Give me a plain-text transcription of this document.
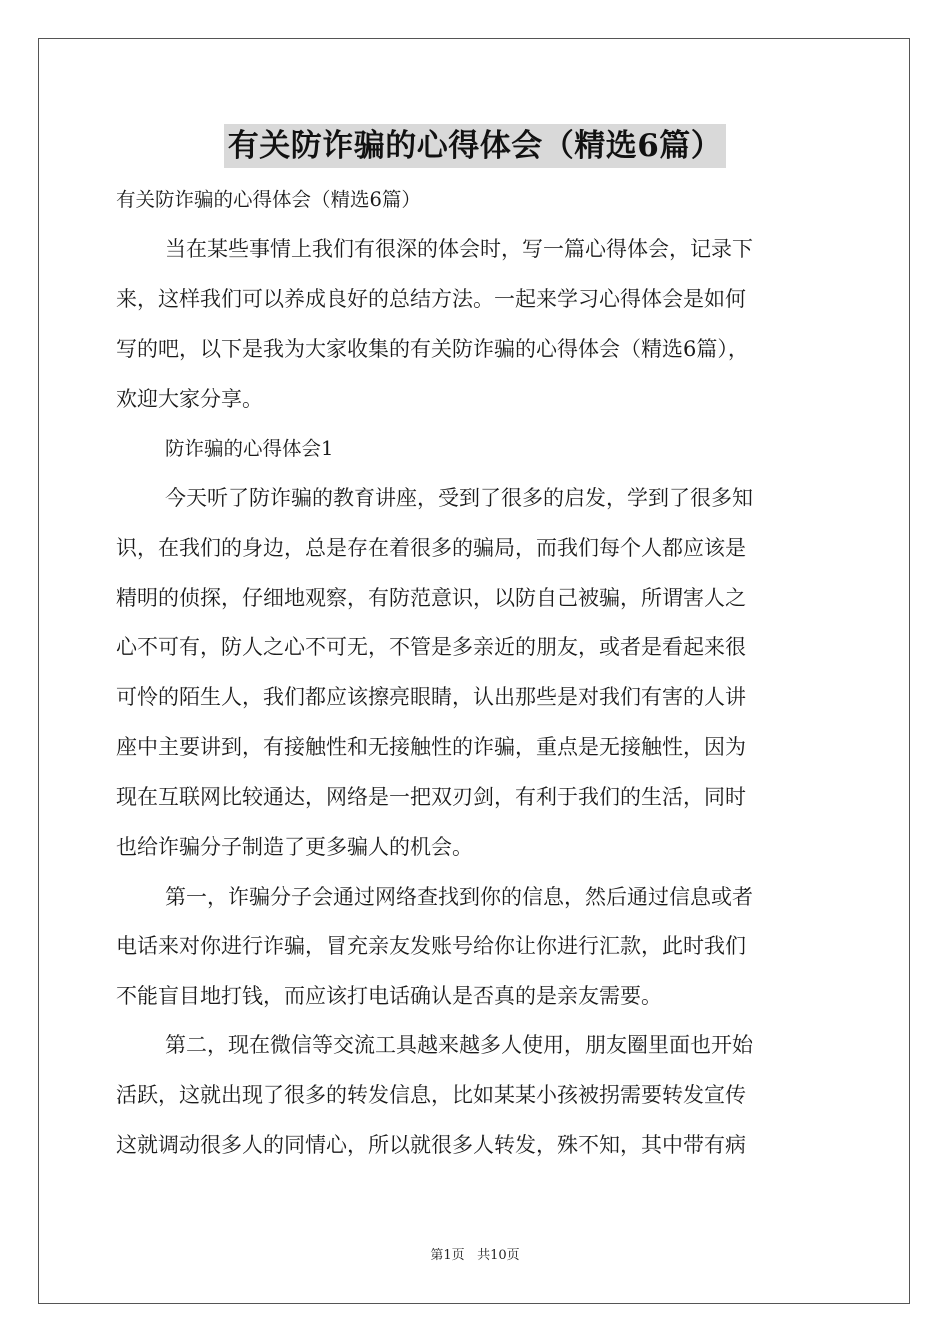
有关防诈骗的心得体会（精选6篇）
有关防诈骗的心得体会（精选6篇）
当在某些事情上我们有很深的体会时，写一篇心得体会，记录下
来，这样我们可以养成良好的总结方法。一起来学习心得体会是如何
写的吧，以下是我为大家收集的有关防诈骗的心得体会（精选6篇），
欢迎大家分享。
防诈骗的心得体会1
今天听了防诈骗的教育讲座，受到了很多的启发，学到了很多知
识，在我们的身边，总是存在着很多的骗局，而我们每个人都应该是
精明的侦探，仔细地观察，有防范意识，以防自己被骗，所谓害人之
心不可有，防人之心不可无，不管是多亲近的朋友，或者是看起来很
可怜的陌生人，我们都应该擦亮眼睛，认出那些是对我们有害的人讲
座中主要讲到，有接触性和无接触性的诈骗，重点是无接触性，因为
现在互联网比较通达，网络是一把双刃剑，有利于我们的生活，同时
也给诈骗分子制造了更多骗人的机会。
第一，诈骗分子会通过网络查找到你的信息，然后通过信息或者
电话来对你进行诈骗，冒充亲友发账号给你让你进行汇款，此时我们
不能盲目地打钱，而应该打电话确认是否真的是亲友需要。
第二，现在微信等交流工具越来越多人使用，朋友圈里面也开始
活跃，这就出现了很多的转发信息，比如某某小孩被拐需要转发宣传
这就调动很多人的同情心，所以就很多人转发，殊不知，其中带有病
第1页 共10页
